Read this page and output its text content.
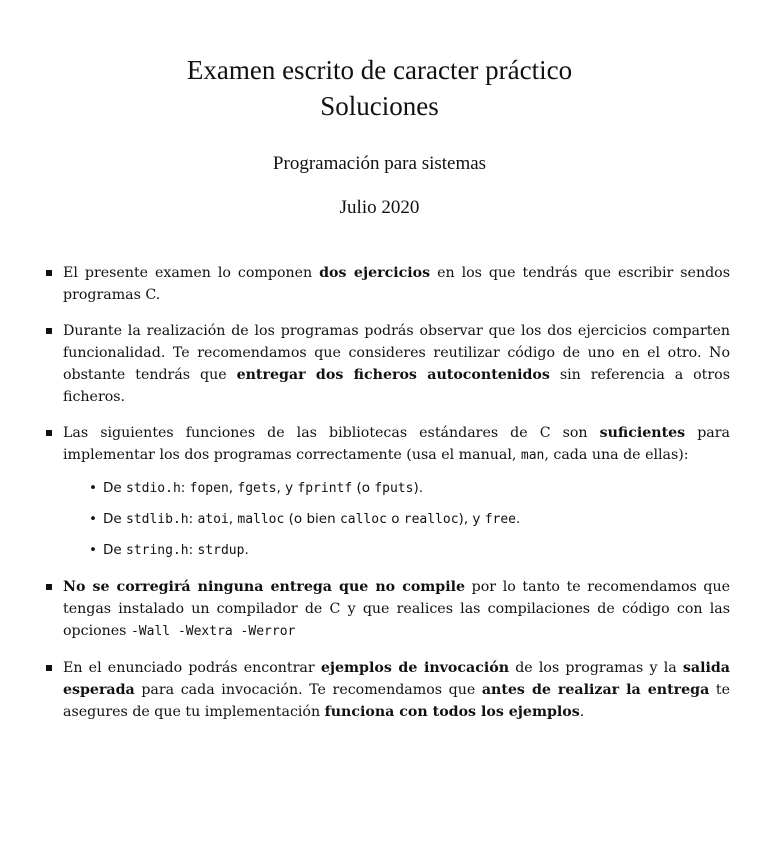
Examen escrito de caracter práctico
Soluciones

Programación para sistemas

Julio 2020

El presente examen lo componen dos ejercicios en los que tendrás que escribir sendos programas C.
Durante la realización de los programas podrás observar que los dos ejercicios comparten funcionalidad. Te recomendamos que consideres reutilizar código de uno en el otro. No obstante tendrás que entregar dos ficheros autocontenidos sin referencia a otros ficheros.
Las siguientes funciones de las bibliotecas estándares de C son suficientes para implementar los dos programas correctamente (usa el manual, man, cada una de ellas):
• De stdio.h: fopen, fgets, y fprintf (o fputs).
• De stdlib.h: atoi, malloc (o bien calloc o realloc), y free.
• De string.h: strdup.
No se corregirá ninguna entrega que no compile por lo tanto te recomendamos que tengas instalado un compilador de C y que realices las compilaciones de código con las opciones -Wall -Wextra -Werror
En el enunciado podrás encontrar ejemplos de invocación de los programas y la salida esperada para cada invocación. Te recomendamos que antes de realizar la entrega te asegures de que tu implementación funciona con todos los ejemplos.
